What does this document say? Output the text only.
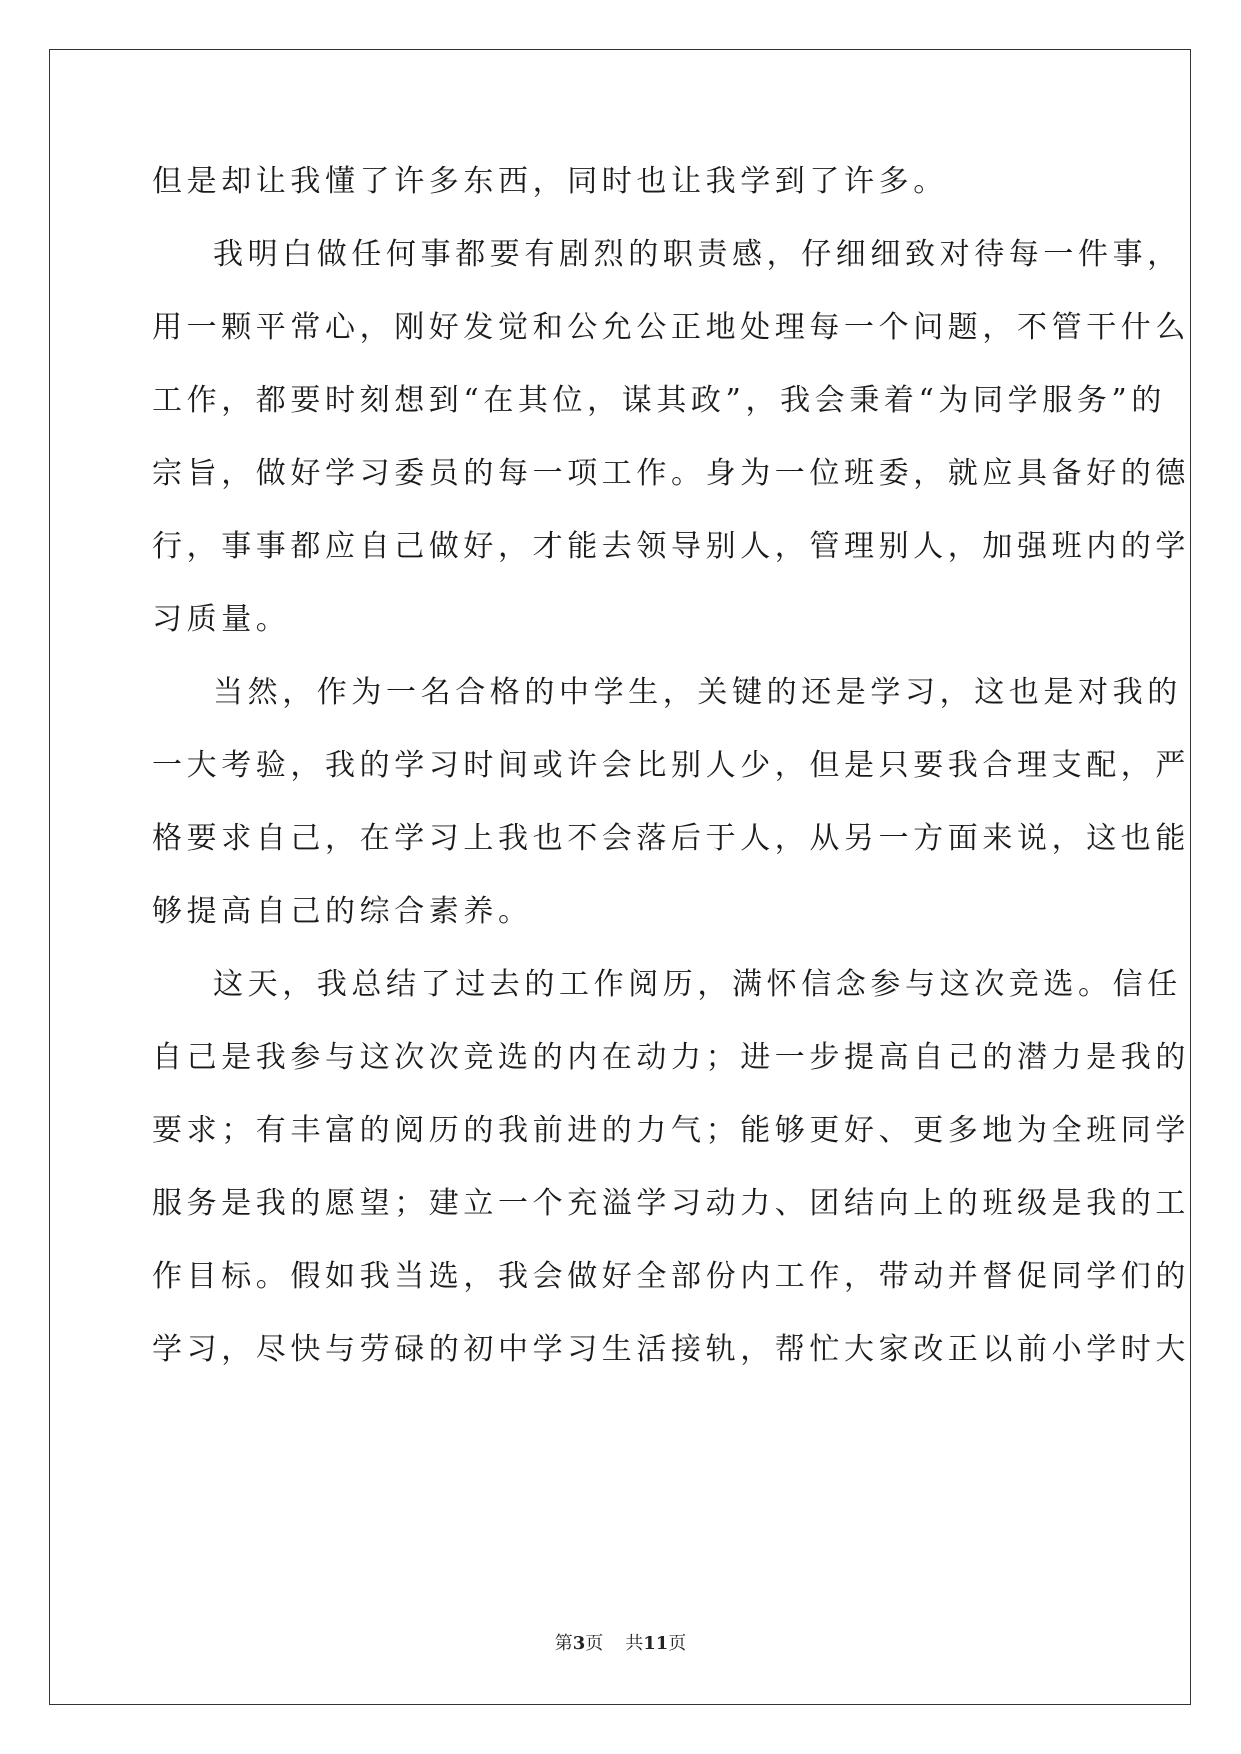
但是却让我懂了许多东西，同时也让我学到了许多。
我明白做任何事都要有剧烈的职责感，仔细细致对待每一件事，
用一颗平常心，刚好发觉和公允公正地处理每一个问题，不管干什么
工作，都要时刻想到“在其位，谋其政”，我会秉着“为同学服务”的
宗旨，做好学习委员的每一项工作。身为一位班委，就应具备好的德
行，事事都应自己做好，才能去领导别人，管理别人，加强班内的学
习质量。
当然，作为一名合格的中学生，关键的还是学习，这也是对我的
一大考验，我的学习时间或许会比别人少，但是只要我合理支配，严
格要求自己，在学习上我也不会落后于人，从另一方面来说，这也能
够提高自己的综合素养。
这天，我总结了过去的工作阅历，满怀信念参与这次竞选。信任
自己是我参与这次次竞选的内在动力；进一步提高自己的潜力是我的
要求；有丰富的阅历的我前进的力气；能够更好、更多地为全班同学
服务是我的愿望；建立一个充溢学习动力、团结向上的班级是我的工
作目标。假如我当选，我会做好全部份内工作，带动并督促同学们的
学习，尽快与劳碌的初中学习生活接轨，帮忙大家改正以前小学时大
第3页 共11页
